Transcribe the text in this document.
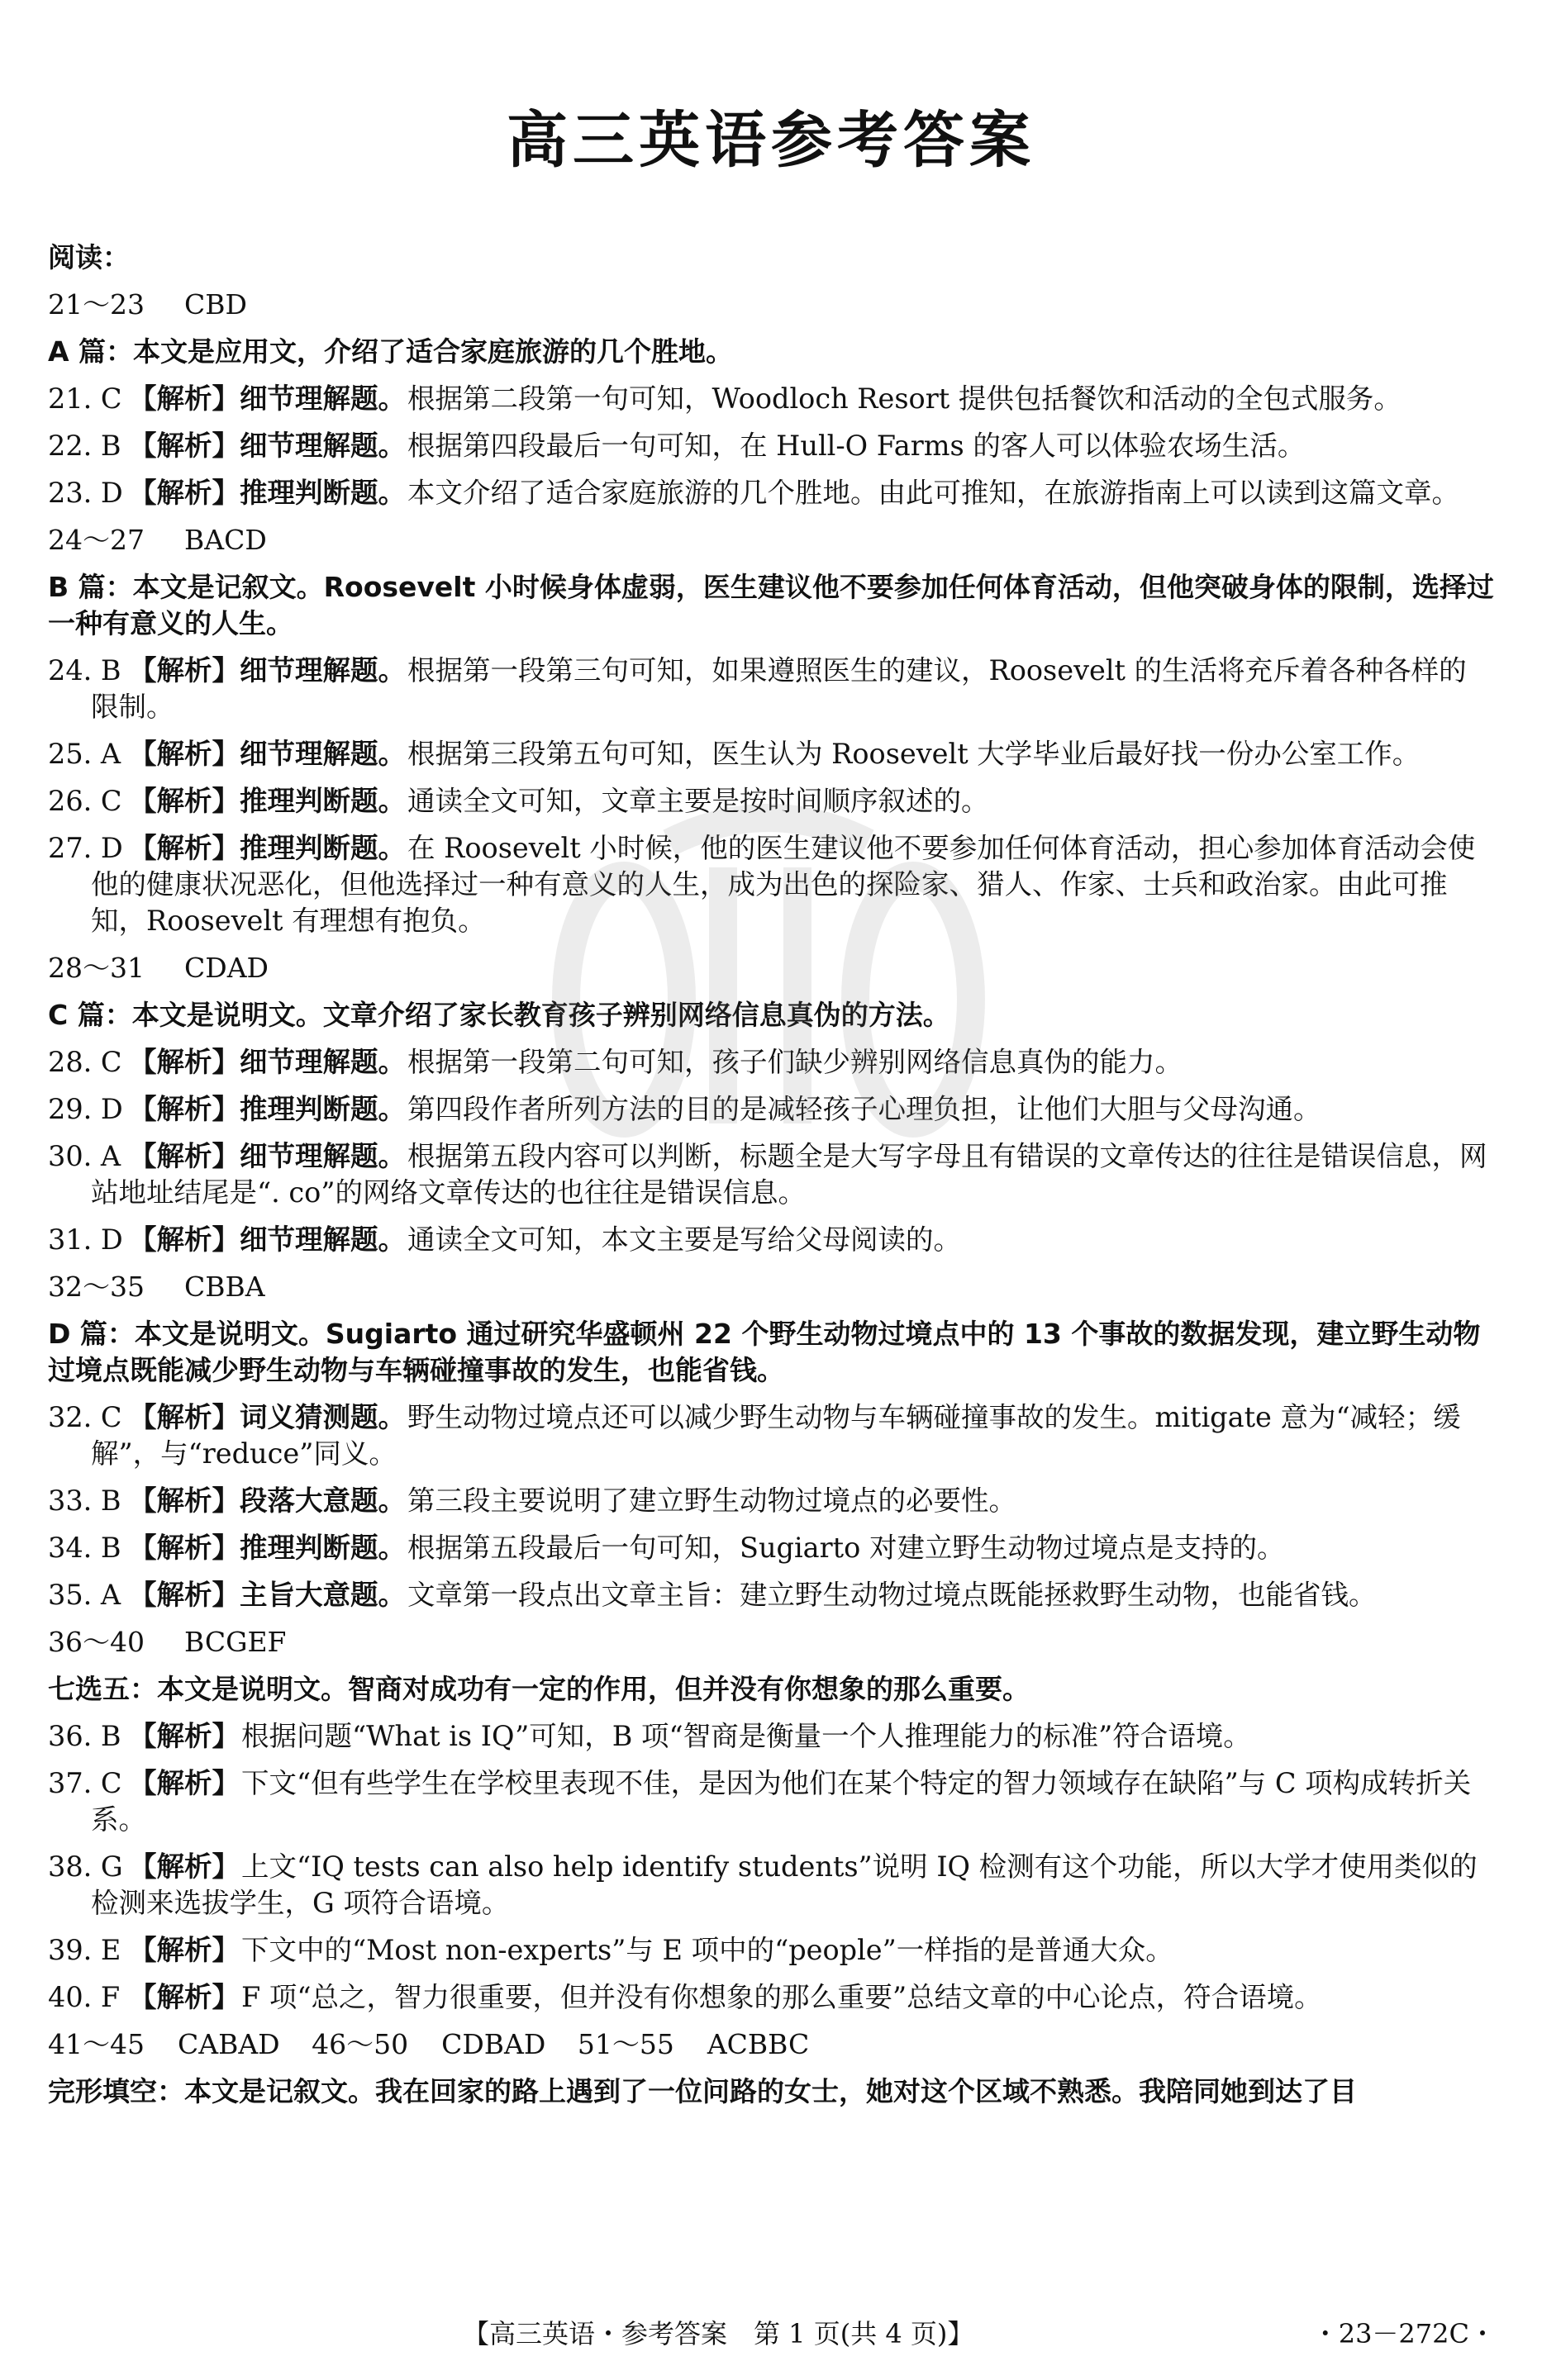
高三英语参考答案
阅读：
21～23 CBD
A 篇：本文是应用文，介绍了适合家庭旅游的几个胜地。
21. C 【解析】细节理解题。根据第二段第一句可知，Woodloch Resort 提供包括餐饮和活动的全包式服务。
22. B 【解析】细节理解题。根据第四段最后一句可知，在 Hull-O Farms 的客人可以体验农场生活。
23. D 【解析】推理判断题。本文介绍了适合家庭旅游的几个胜地。由此可推知，在旅游指南上可以读到这篇文章。
24～27 BACD
B 篇：本文是记叙文。Roosevelt 小时候身体虚弱，医生建议他不要参加任何体育活动，但他突破身体的限制，选择过一种有意义的人生。
24. B 【解析】细节理解题。根据第一段第三句可知，如果遵照医生的建议，Roosevelt 的生活将充斥着各种各样的限制。
25. A 【解析】细节理解题。根据第三段第五句可知，医生认为 Roosevelt 大学毕业后最好找一份办公室工作。
26. C 【解析】推理判断题。通读全文可知，文章主要是按时间顺序叙述的。
27. D 【解析】推理判断题。在 Roosevelt 小时候，他的医生建议他不要参加任何体育活动，担心参加体育活动会使他的健康状况恶化，但他选择过一种有意义的人生，成为出色的探险家、猎人、作家、士兵和政治家。由此可推知，Roosevelt 有理想有抱负。
28～31 CDAD
C 篇：本文是说明文。文章介绍了家长教育孩子辨别网络信息真伪的方法。
28. C 【解析】细节理解题。根据第一段第二句可知，孩子们缺少辨别网络信息真伪的能力。
29. D 【解析】推理判断题。第四段作者所列方法的目的是减轻孩子心理负担，让他们大胆与父母沟通。
30. A 【解析】细节理解题。根据第五段内容可以判断，标题全是大写字母且有错误的文章传达的往往是错误信息，网站地址结尾是“. co”的网络文章传达的也往往是错误信息。
31. D 【解析】细节理解题。通读全文可知，本文主要是写给父母阅读的。
32～35 CBBA
D 篇：本文是说明文。Sugiarto 通过研究华盛顿州 22 个野生动物过境点中的 13 个事故的数据发现，建立野生动物过境点既能减少野生动物与车辆碰撞事故的发生，也能省钱。
32. C 【解析】词义猜测题。野生动物过境点还可以减少野生动物与车辆碰撞事故的发生。mitigate 意为“减轻；缓解”，与“reduce”同义。
33. B 【解析】段落大意题。第三段主要说明了建立野生动物过境点的必要性。
34. B 【解析】推理判断题。根据第五段最后一句可知，Sugiarto 对建立野生动物过境点是支持的。
35. A 【解析】主旨大意题。文章第一段点出文章主旨：建立野生动物过境点既能拯救野生动物，也能省钱。
36～40 BCGEF
七选五：本文是说明文。智商对成功有一定的作用，但并没有你想象的那么重要。
36. B 【解析】根据问题“What is IQ”可知，B 项“智商是衡量一个人推理能力的标准”符合语境。
37. C 【解析】下文“但有些学生在学校里表现不佳，是因为他们在某个特定的智力领域存在缺陷”与 C 项构成转折关系。
38. G 【解析】上文“IQ tests can also help identify students”说明 IQ 检测有这个功能，所以大学才使用类似的检测来选拔学生，G 项符合语境。
39. E 【解析】下文中的“Most non-experts”与 E 项中的“people”一样指的是普通大众。
40. F 【解析】F 项“总之，智力很重要，但并没有你想象的那么重要”总结文章的中心论点，符合语境。
41～45 CABAD 46～50 CDBAD 51～55 ACBBC
完形填空：本文是记叙文。我在回家的路上遇到了一位问路的女士，她对这个区域不熟悉。我陪同她到达了目
【高三英语・参考答案　第 1 页(共 4 页)】	・23－272C・
